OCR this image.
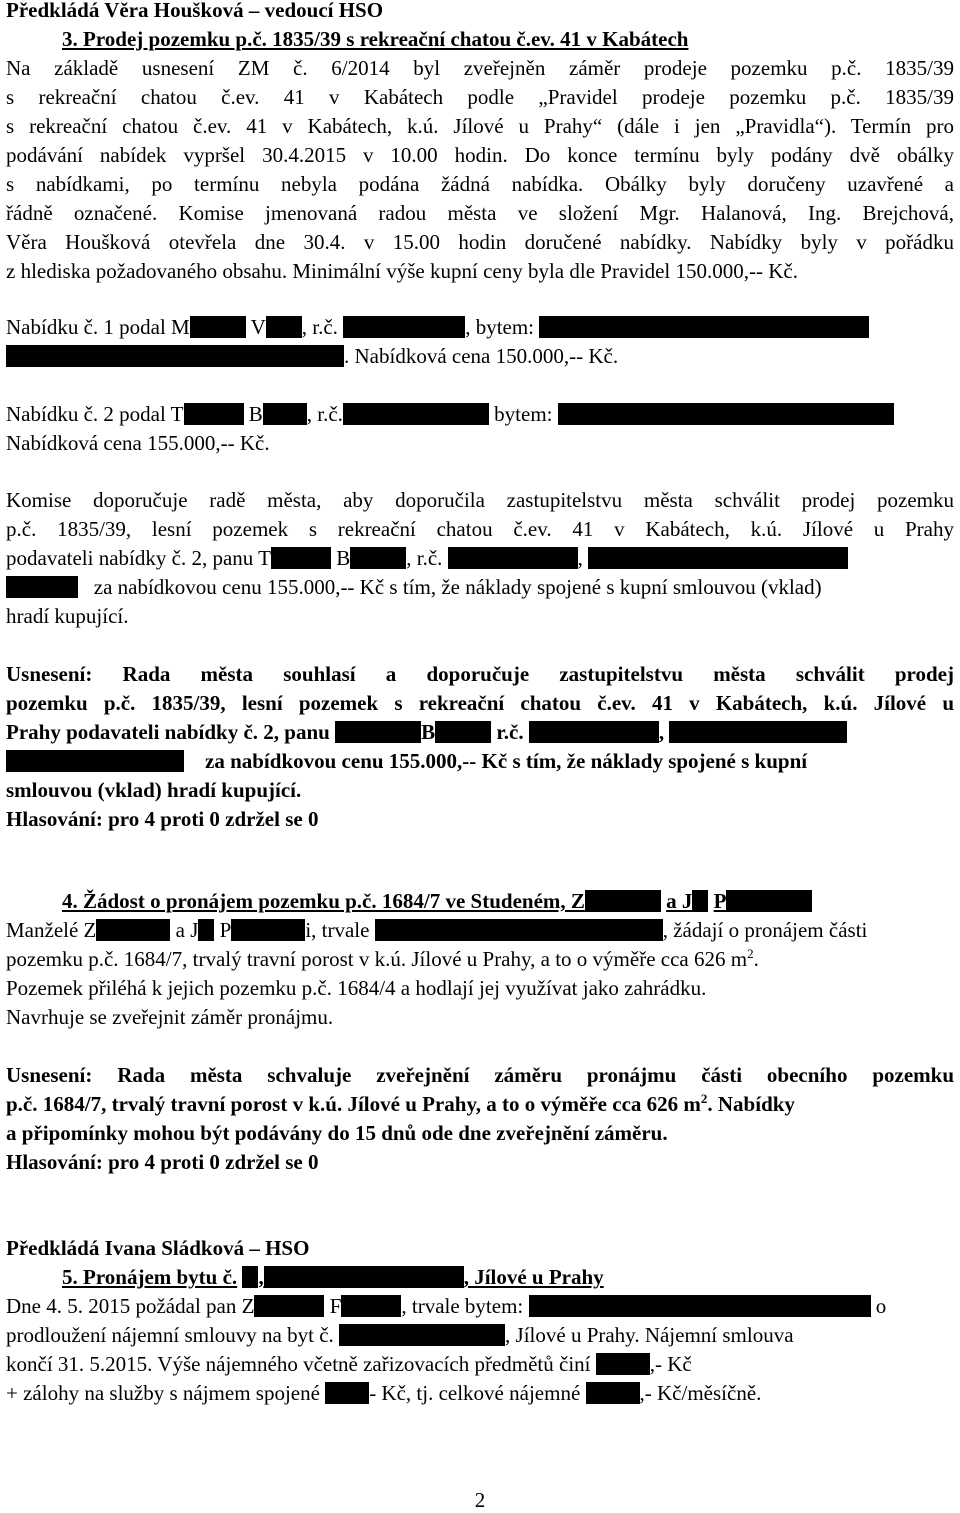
Předkládá Věra Houšková – vedoucí HSO
3. Prodej pozemku p.č. 1835/39 s rekreační chatou č.ev. 41 v Kabátech
Na základě usnesení ZM č. 6/2014 byl zveřejněn záměr prodeje pozemku p.č. 1835/39
s rekreační chatou č.ev. 41 v Kabátech podle „Pravidel prodeje pozemku p.č. 1835/39
s rekreační chatou č.ev. 41 v Kabátech, k.ú. Jílové u Prahy“ (dále i jen „Pravidla“). Termín pro
podávání nabídek vypršel 30.4.2015 v 10.00 hodin. Do konce termínu byly podány dvě obálky
s nabídkami, po termínu nebyla podána žádná nabídka. Obálky byly doručeny uzavřené a
řádně označené. Komise jmenovaná radou města ve složení Mgr. Halanová, Ing. Brejchová,
Věra Houšková otevřela dne 30.4. v 15.00 hodin doručené nabídky. Nabídky byly v pořádku
z hlediska požadovaného obsahu. Minimální výše kupní ceny byla dle Pravidel 150.000,-- Kč.
Nabídku č. 1 podal M	V , r.č.	, bytem:
. Nabídková cena 150.000,-- Kč.
Nabídku č. 2 podal T	B , r.č.	bytem:
Nabídková cena 155.000,-- Kč.
Komise doporučuje radě města, aby doporučila zastupitelstvu města schválit prodej pozemku
p.č. 1835/39, lesní pozemek s rekreační chatou č.ev. 41 v Kabátech, k.ú. Jílové u Prahy
podavateli nabídky č. 2, panu T	B	, r.č.	,
za nabídkovou cenu 155.000,-- Kč s tím, že náklady spojené s kupní smlouvou (vklad)
hradí kupující.
Usnesení: Rada města souhlasí a doporučuje zastupitelstvu města schválit prodej
pozemku p.č. 1835/39, lesní pozemek s rekreační chatou č.ev. 41 v Kabátech, k.ú. Jílové u
Prahy podavateli nabídky č. 2, panu	B	r.č.	,
za nabídkovou cenu 155.000,-- Kč s tím, že náklady spojené s kupní
smlouvou (vklad) hradí kupující.
Hlasování: pro 4 proti 0 zdržel se 0
4. Žádost o pronájem pozemku p.č. 1684/7 ve Studeném, Z	a J P
Manželé Z	a J P	i, trvale	, žádají o pronájem části
pozemku p.č. 1684/7, trvalý travní porost v k.ú. Jílové u Prahy, a to o výměře cca 626 $m^2$.
Pozemek přiléhá k jejich pozemku p.č. 1684/4 a hodlají jej využívat jako zahrádku.
Navrhuje se zveřejnit záměr pronájmu.
Usnesení: Rada města schvaluje zveřejnění záměru pronájmu části obecního pozemku
p.č. 1684/7, trvalý travní porost v k.ú. Jílové u Prahy, a to o výměře cca 626 $m^2$. Nabídky
a připomínky mohou být podávány do 15 dnů ode dne zveřejnění záměru.
Hlasování: pro 4 proti 0 zdržel se 0
Předkládá Ivana Sládková – HSO
5. Pronájem bytu č. ,	, Jílové u Prahy
Dne 4. 5. 2015 požádal pan Z	F	, trvale bytem:	o
prodloužení nájemní smlouvy na byt č.	, Jílové u Prahy. Nájemní smlouva
končí 31. 5.2015. Výše nájemného včetně zařizovacích předmětů činí	,- Kč
+ zálohy na služby s nájmem spojené - Kč, tj. celkové nájemné	,- Kč/měsíčně.
2
